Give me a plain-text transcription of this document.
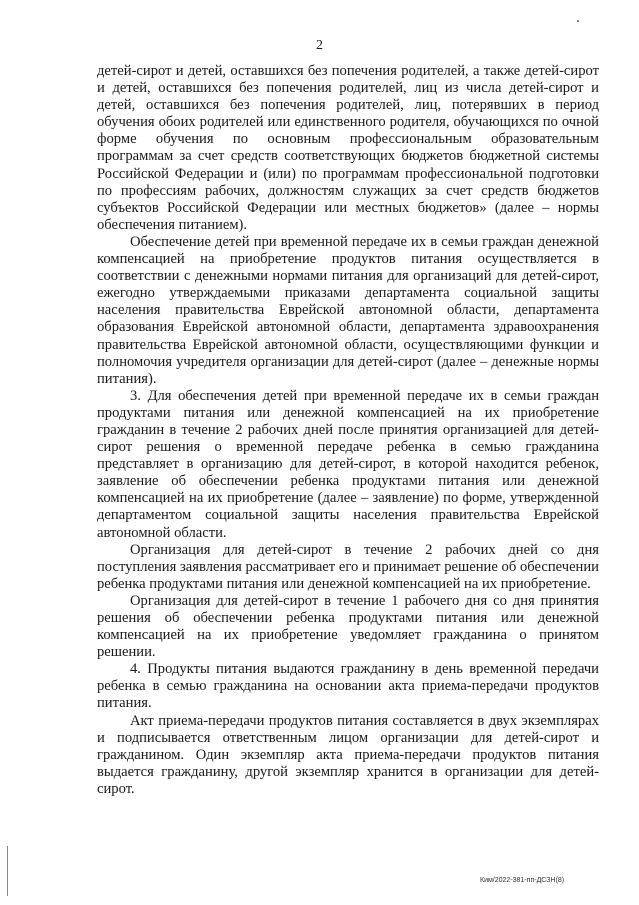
2

детей-сирот и детей, оставшихся без попечения родителей, а также детей-сирот и детей, оставшихся без попечения родителей, лиц из числа детей-сирот и детей, оставшихся без попечения родителей, лиц, потерявших в период обучения обоих родителей или единственного родителя, обучающихся по очной форме обучения по основным профессиональным образовательным программам за счет средств соответствующих бюджетов бюджетной системы Российской Федерации и (или) по программам профессиональной подготовки по профессиям рабочих, должностям служащих за счет средств бюджетов субъектов Российской Федерации или местных бюджетов» (далее – нормы обеспечения питанием).

Обеспечение детей при временной передаче их в семьи граждан денежной компенсацией на приобретение продуктов питания осуществляется в соответствии с денежными нормами питания для организаций для детей-сирот, ежегодно утверждаемыми приказами департамента социальной защиты населения правительства Еврейской автономной области, департамента образования Еврейской автономной области, департамента здравоохранения правительства Еврейской автономной области, осуществляющими функции и полномочия учредителя организации для детей-сирот (далее – денежные нормы питания).

3. Для обеспечения детей при временной передаче их в семьи граждан продуктами питания или денежной компенсацией на их приобретение гражданин в течение 2 рабочих дней после принятия организацией для детей-сирот решения о временной передаче ребенка в семью гражданина представляет в организацию для детей-сирот, в которой находится ребенок, заявление об обеспечении ребенка продуктами питания или денежной компенсацией на их приобретение (далее – заявление) по форме, утвержденной департаментом социальной защиты населения правительства Еврейской автономной области.

Организация для детей-сирот в течение 2 рабочих дней со дня поступления заявления рассматривает его и принимает решение об обеспечении ребенка продуктами питания или денежной компенсацией на их приобретение.

Организация для детей-сирот в течение 1 рабочего дня со дня принятия решения об обеспечении ребенка продуктами питания или денежной компенсацией на их приобретение уведомляет гражданина о принятом решении.

4. Продукты питания выдаются гражданину в день временной передачи ребенка в семью гражданина на основании акта приема-передачи продуктов питания.

Акт приема-передачи продуктов питания составляется в двух экземплярах и подписывается ответственным лицом организации для детей-сирот и гражданином. Один экземпляр акта приема-передачи продуктов питания выдается гражданину, другой экземпляр хранится в организации для детей-сирот.

Ким/2022-381-пп-ДСЗН(8)
